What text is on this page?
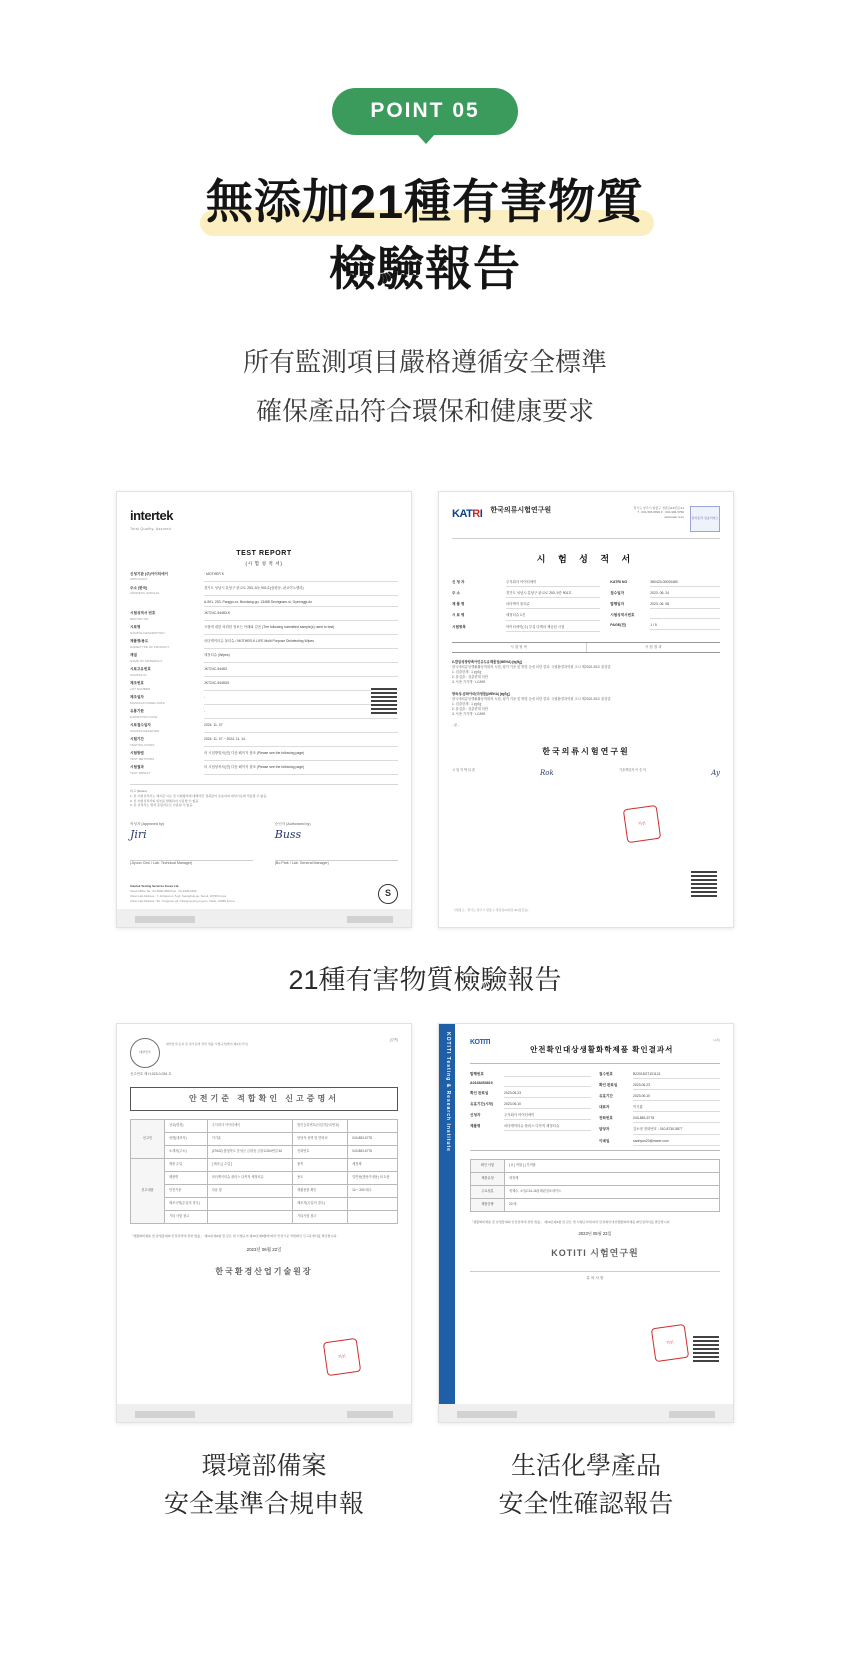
POINT 05
無添加21種有害物質
檢驗報告
所有監測項目嚴格遵循安全標準
確保產品符合環保和健康要求
intertek
Total Quality. Assured.
TEST REPORT
(시 험 성 적 서)
신청기관 (주)아이티에이
APPLICANT
· MOTHER K
주소 (한국)
ADDRESS (SINGLE)
경기도 성남시 분당구 판교로 253, A동 901호(삼평동, 판교이노밸리)
A-901, 253, Pangyo-ro, Bundang-gu, 13488 Seongnam-si, Gyeonggi-do
시험성적서 번호
REPORT NO.
JKT24C-54483-K
시료명
SAMPLE DESCRIPTION
시험에 대한 의뢰한 정보는 아래와 같음 (The following submitted sample(s) used to test)
제품명/용도
NAME/TYPE OF PRODUCT
마더케이티슈 물티슈 / MOTHER-K LIFE Multi Purpose Disinfecting Wipes
재질
NAME OF MATERIALS
세정티슈 (Wipes)
시료고유번호
SAMPLE ID
JKT24C-54483
제조번호
LOT NUMBER
JKT24C-54483/1
제조일자
MANUFACTURED DATE
-
유통기한
EXPIRATION DATE
-
시료접수일자
SAMPLE RECEIVED
2024. 11. 07
시험기간
TESTING DATES
2024. 11. 07 ~ 2024. 11. 14.
시험방법
TEST METHODS
의 시험방법서(진) 다음 페이지 참조 (Please see the following page)
시험결과
TEST RESULT
의 시험성적서(진) 다음 페이지 참조 (Please see the following page)
비고 (Notes)
1. 본 시험성적서는 제시된 시료 및 시험항목에 대해서만 결과값이 유효하며 대상시료에 적용할 수 없음.
2. 본 시험성적서의 일부를 발췌하여 사용할 수 없음.
3. 본 성적서는 법적 증빙자료로 사용될 수 없음.
작성자 (Approved by)
Jiri
(Jiyoun Choi / Lab. Technical Manager)
승인자 (Authorized by)
Buss
(Bo Park / Lab. General Manager)
Intertek Testing Services Korea Ltd.
Seoul Office Tel : 02-6090-9500 Fax : 02-3409-0320
Ulsan Lab Address : 7, Acharan-ro 5-gil, Seongbuk-gu, Seoul, 04799 Korea
Ulsan Lab Address : 56, Yongyeon-gil, Changnyeong-myeon, Ulsan, 44989 Korea
S
KATRI 한국의류시험연구원	경기도 양주시 방울구 경춘길24번길 61
T : 031-596-5802 F : 031-996-5790
www.katri.re.kr	전자문서 전송서비스
시 험 성 적 서
신 청 자	주식회사 아이티에이
주 소	경기도 성남시 분당구 판교로 253, 9층 901호
제 품 명	마더케이 물티슈
시 료 명	세정티슈 1건
시험항목	아이티에이(주) 부설 다케마 제공된 시험
KATRI NO	380423-00000480
접수일자	2023. 06. 24
발행일자	2023. 06. 08
시험성적서번호
PAGE(전)	1 / 5
시 험 항 목	시 험 결 과
6-발암성방향족아민유도유해물질(MEHA) [㎎/㎏]
한국에의류상생활활동학회의 시험, 평가 기준 및 방법 등에 의한 결과, 국립환경과학원 고시 제2022-26호 불검출
1. 검출한계 : 1 ㎎/㎏
2. 불검출 : 검출한계 미만
3. 사용 기기명 : LC/MS
방독성-금화아마(미생물)(MEHA) [㎎/㎏]
한국에의류상생활활동학회의 시험, 평가 기준 및 방법 등에 의한 결과, 국립환경과학원 고시 제2022-26호 불검출
1. 검출한계 : 1 ㎎/㎏
2. 불검출 : 검출한계 미만
3. 사용 기기명 : LC/MS
- 끝 -
한국의류시험연구원
직인
시 험 자 박 다 솜	Rok	기술책임자 이 승 덕	Ay
시험장소 : 경기도 양주시 방울구 경춘길24번길 61(장흥동)
21種有害物質檢驗報告
대한민국
화학물질 등록 및 평가등에 관한 법률 시행규칙[별지 제4호서식]
(앞쪽)
신고번호 제 H-023-0-034 호
안전기준 적합확인 신고증명서
신고인	상호(명칭)	주식회사 아이티에이	법인등록번호(사업자등록번호)	
	성명(대표자)	이기훈	담당자 성명 및 연락처	043-883-5778
	소재지(주소)	(27642) 충청북도 음성군 금왕읍 금왕로264번길 62	전화번호	043-883-5778
신고내용	제품 수입	[ 제조 ] [ 수입 ]	품목	세정제
	제품명	마더케이티슈 플러스 다목적 세정티슈	용도	일반용(범용가정용) 외 3 품
	안전기준	다음 항	생활용품 확인	10 ~ 200 매수
	제조국명(수입의 경우)		제조자(수입의 경우)	
	기타 사항 참고		기타사항 참고	
「생활화학제품 및 살생물제의 안전관리에 관한 법률」 제10조제4항 및 같은 법 시행규칙 제15조제5항에 따라 안전기준 적합확인 신고증명서를 발급합니다.
2023년 06월 22일
한국환경산업기술원장
직인
KOTITI Testing & Research Institute	KOTITI
안전확인대상생활화학제품 확인결과서
(1쪽)
발행번호
A0168453819
확인 완료일	2023.06.23
유효기간(시작)	2023.06.10
신청자	주식회사 아이티에이
제품명	마더케이티슈 플러스 다목적 세정티슈
접수번호	B22018GT101121
확인 완료일	2023.06.23
유효기간	2023.06.10
대표자	이기훈
전화번호	043-883-5778
담당자	김소영 전화번호 : 010-8730-5877
이메일	sanhyun20@naver.com
확인 사항	[ O ] 적합 [ ] 부적합
제품유형	세정제
주요성분	정제수, 소듐C14-16올레핀설포네이트
제품중량	20 매
「생활화학제품 및 살생물제의 안전관리에 관한 법률」 제10조제4항 및 같은 법 시행규칙에 따라 안전확인대상생활화학제품 확인결과서를 발급합니다.
2023년 05월 23일
KOTITI 시험연구원
유 의 사 항
직인
環境部備案
安全基準合規申報
生活化學產品
安全性確認報告
